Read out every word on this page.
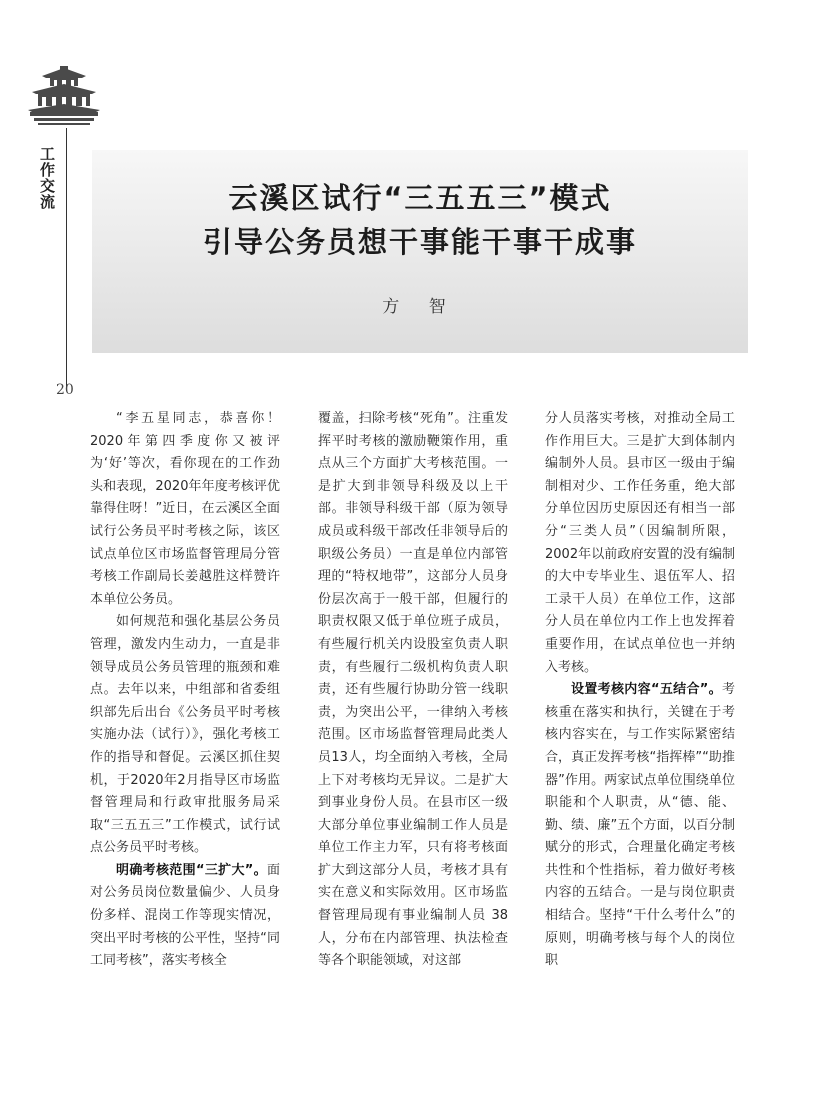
工作交流
20
云溪区试行“三五五三”模式
引导公务员想干事能干事干成事
方 智

“李五星同志，恭喜你！2020年第四季度你又被评为‘好’等次，看你现在的工作劲头和表现，2020年年度考核评优靠得住呀！”近日，在云溪区全面试行公务员平时考核之际，该区试点单位区市场监督管理局分管考核工作副局长姜越胜这样赞许本单位公务员。

如何规范和强化基层公务员管理，激发内生动力，一直是非领导成员公务员管理的瓶颈和难点。去年以来，中组部和省委组织部先后出台《公务员平时考核实施办法（试行）》，强化考核工作的指导和督促。云溪区抓住契机，于2020年2月指导区市场监督管理局和行政审批服务局采取“三五五三”工作模式，试行试点公务员平时考核。

明确考核范围“三扩大”。面对公务员岗位数量偏少、人员身份多样、混岗工作等现实情况，突出平时考核的公平性，坚持“同工同考核”，落实考核全

覆盖，扫除考核“死角”。注重发挥平时考核的激励鞭策作用，重点从三个方面扩大考核范围。一是扩大到非领导科级及以上干部。非领导科级干部（原为领导成员或科级干部改任非领导后的职级公务员）一直是单位内部管理的“特权地带”，这部分人员身份层次高于一般干部，但履行的职责权限又低于单位班子成员，有些履行机关内设股室负责人职责，有些履行二级机构负责人职责，还有些履行协助分管一线职责，为突出公平，一律纳入考核范围。区市场监督管理局此类人员13人，均全面纳入考核，全局上下对考核均无异议。二是扩大到事业身份人员。在县市区一级大部分单位事业编制工作人员是单位工作主力军，只有将考核面扩大到这部分人员，考核才具有实在意义和实际效用。区市场监督管理局现有事业编制人员 38人，分布在内部管理、执法检查等各个职能领域，对这部

分人员落实考核，对推动全局工作作用巨大。三是扩大到体制内编制外人员。县市区一级由于编制相对少、工作任务重，绝大部分单位因历史原因还有相当一部分“三类人员”（因编制所限，2002年以前政府安置的没有编制的大中专毕业生、退伍军人、招工录干人员）在单位工作，这部分人员在单位内工作上也发挥着重要作用，在试点单位也一并纳入考核。

设置考核内容“五结合”。考核重在落实和执行，关键在于考核内容实在，与工作实际紧密结合，真正发挥考核“指挥棒”“助推器”作用。两家试点单位围绕单位职能和个人职责，从“德、能、勤、绩、廉”五个方面，以百分制赋分的形式，合理量化确定考核共性和个性指标，着力做好考核内容的五结合。一是与岗位职责相结合。坚持“干什么考什么”的原则，明确考核与每个人的岗位职
